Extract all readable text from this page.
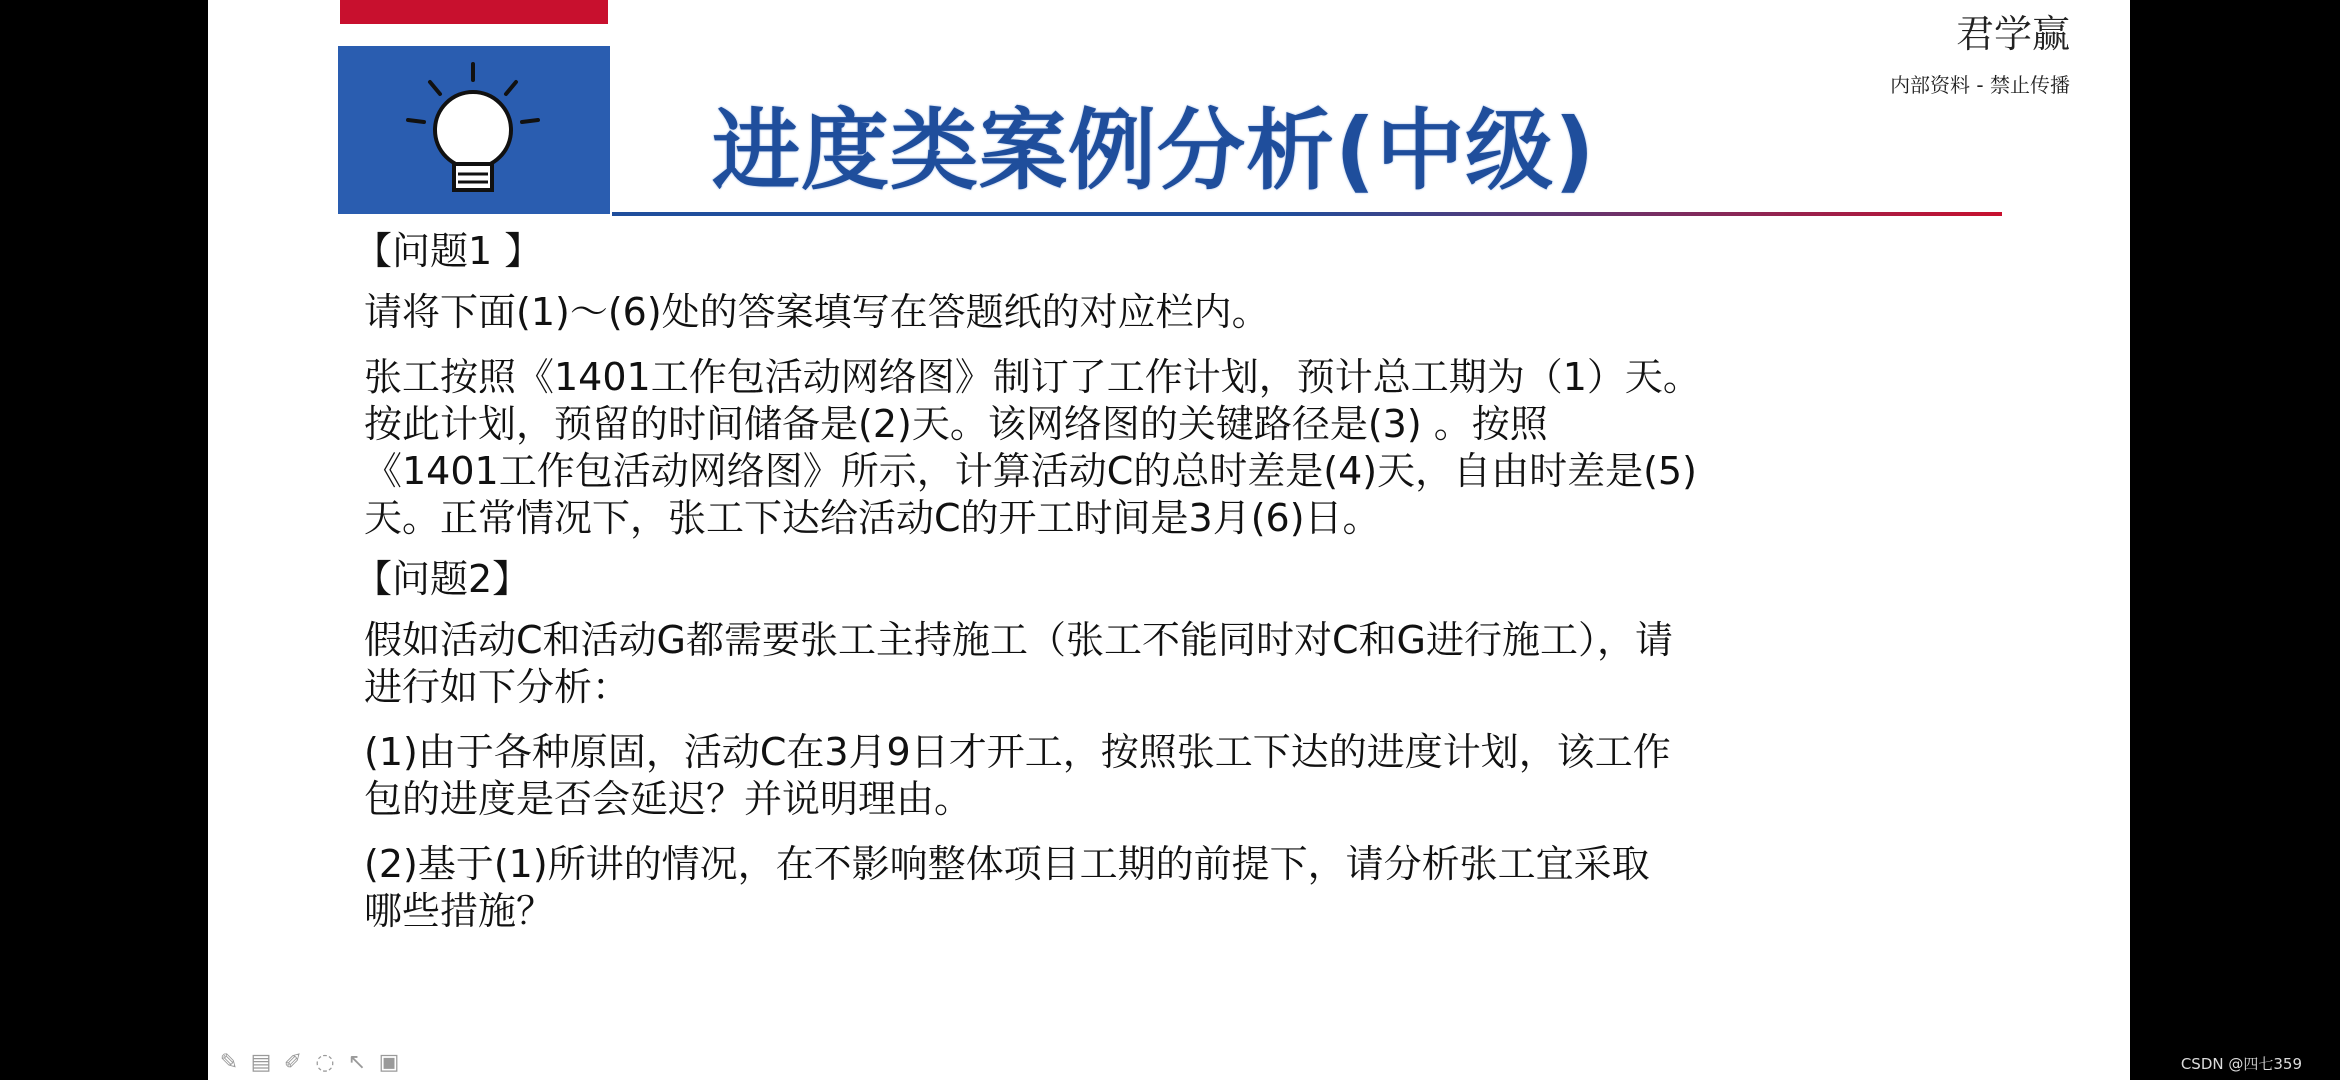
君学赢
内部资料 - 禁止传播
进度类案例分析(中级)

【问题1 】

请将下面(1)～(6)处的答案填写在答题纸的对应栏内。

张工按照《1401工作包活动网络图》制订了工作计划，预计总工期为（1）天。

按此计划，预留的时间储备是(2)天。该网络图的关键路径是(3) 。按照

《1401工作包活动网络图》所示，计算活动C的总时差是(4)天，自由时差是(5)

天。正常情况下，张工下达给活动C的开工时间是3月(6)日。

【问题2】

假如活动C和活动G都需要张工主持施工（张工不能同时对C和G进行施工），请

进行如下分析：

(1)由于各种原固，活动C在3月9日才开工，按照张工下达的进度计划，该工作

包的进度是否会延迟？并说明理由。

(2)基于(1)所讲的情况，在不影响整体项目工期的前提下，请分析张工宜采取

哪些措施？

✎ ▤ ✐ ◌ ↖ ▣	CSDN @四七359
